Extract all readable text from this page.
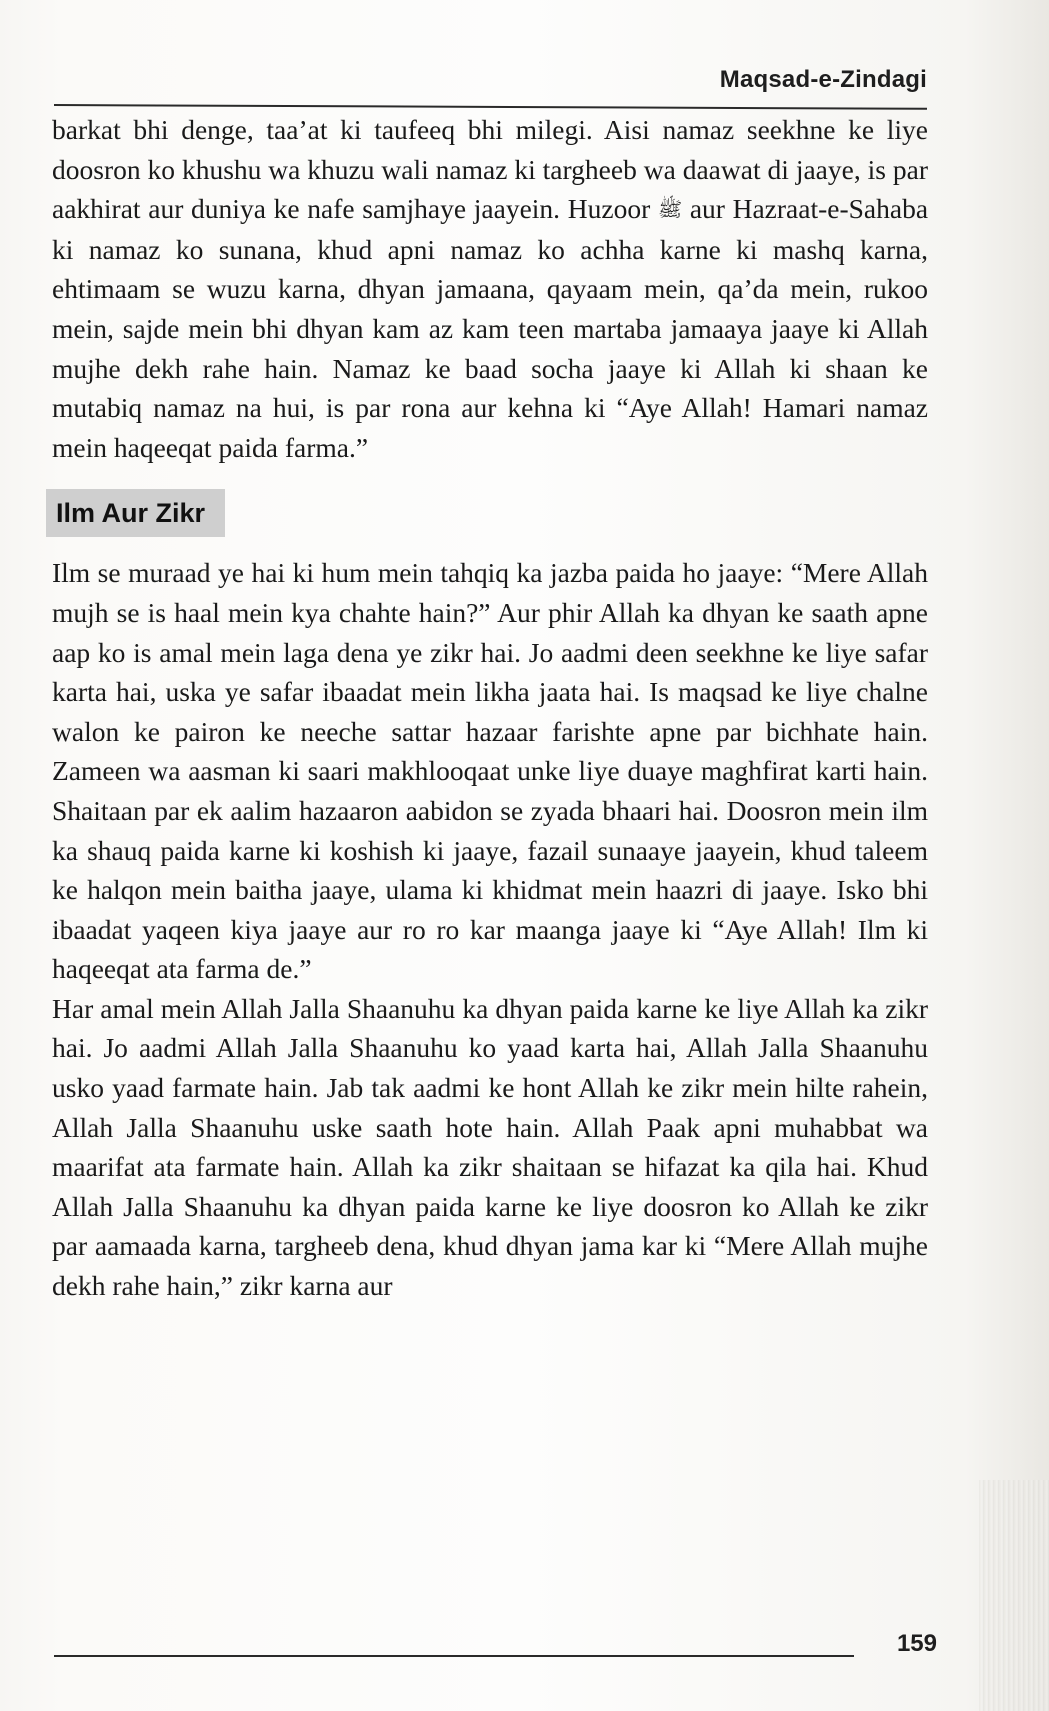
Maqsad-e-Zindagi

barkat bhi denge, taa’at ki taufeeq bhi milegi. Aisi namaz seekhne ke liye doosron ko khushu wa khuzu wali namaz ki targheeb wa daawat di jaaye, is par aakhirat aur duniya ke nafe samjhaye jaayein. Huzoor ﷺ aur Hazraat-e-Sahaba ki namaz ko sunana, khud apni namaz ko achha karne ki mashq karna, ehtimaam se wuzu karna, dhyan jamaana, qayaam mein, qa’da mein, rukoo mein, sajde mein bhi dhyan kam az kam teen martaba jamaaya jaaye ki Allah mujhe dekh rahe hain. Namaz ke baad socha jaaye ki Allah ki shaan ke mutabiq namaz na hui, is par rona aur kehna ki “Aye Allah! Hamari namaz mein haqeeqat paida farma.”

Ilm Aur Zikr

Ilm se muraad ye hai ki hum mein tahqiq ka jazba paida ho jaaye: “Mere Allah mujh se is haal mein kya chahte hain?” Aur phir Allah ka dhyan ke saath apne aap ko is amal mein laga dena ye zikr hai. Jo aadmi deen seekhne ke liye safar karta hai, uska ye safar ibaadat mein likha jaata hai. Is maqsad ke liye chalne walon ke pairon ke neeche sattar hazaar farishte apne par bichhate hain. Zameen wa aasman ki saari makhlooqaat unke liye duaye maghfirat karti hain. Shaitaan par ek aalim hazaaron aabidon se zyada bhaari hai. Doosron mein ilm ka shauq paida karne ki koshish ki jaaye, fazail sunaaye jaayein, khud taleem ke halqon mein baitha jaaye, ulama ki khidmat mein haazri di jaaye. Isko bhi ibaadat yaqeen kiya jaaye aur ro ro kar maanga jaaye ki “Aye Allah! Ilm ki haqeeqat ata farma de.”

Har amal mein Allah Jalla Shaanuhu ka dhyan paida karne ke liye Allah ka zikr hai. Jo aadmi Allah Jalla Shaanuhu ko yaad karta hai, Allah Jalla Shaanuhu usko yaad farmate hain. Jab tak aadmi ke hont Allah ke zikr mein hilte rahein, Allah Jalla Shaanuhu uske saath hote hain. Allah Paak apni muhabbat wa maarifat ata farmate hain. Allah ka zikr shaitaan se hifazat ka qila hai. Khud Allah Jalla Shaanuhu ka dhyan paida karne ke liye doosron ko Allah ke zikr par aamaada karna, targheeb dena, khud dhyan jama kar ki “Mere Allah mujhe dekh rahe hain,” zikr karna aur

159
